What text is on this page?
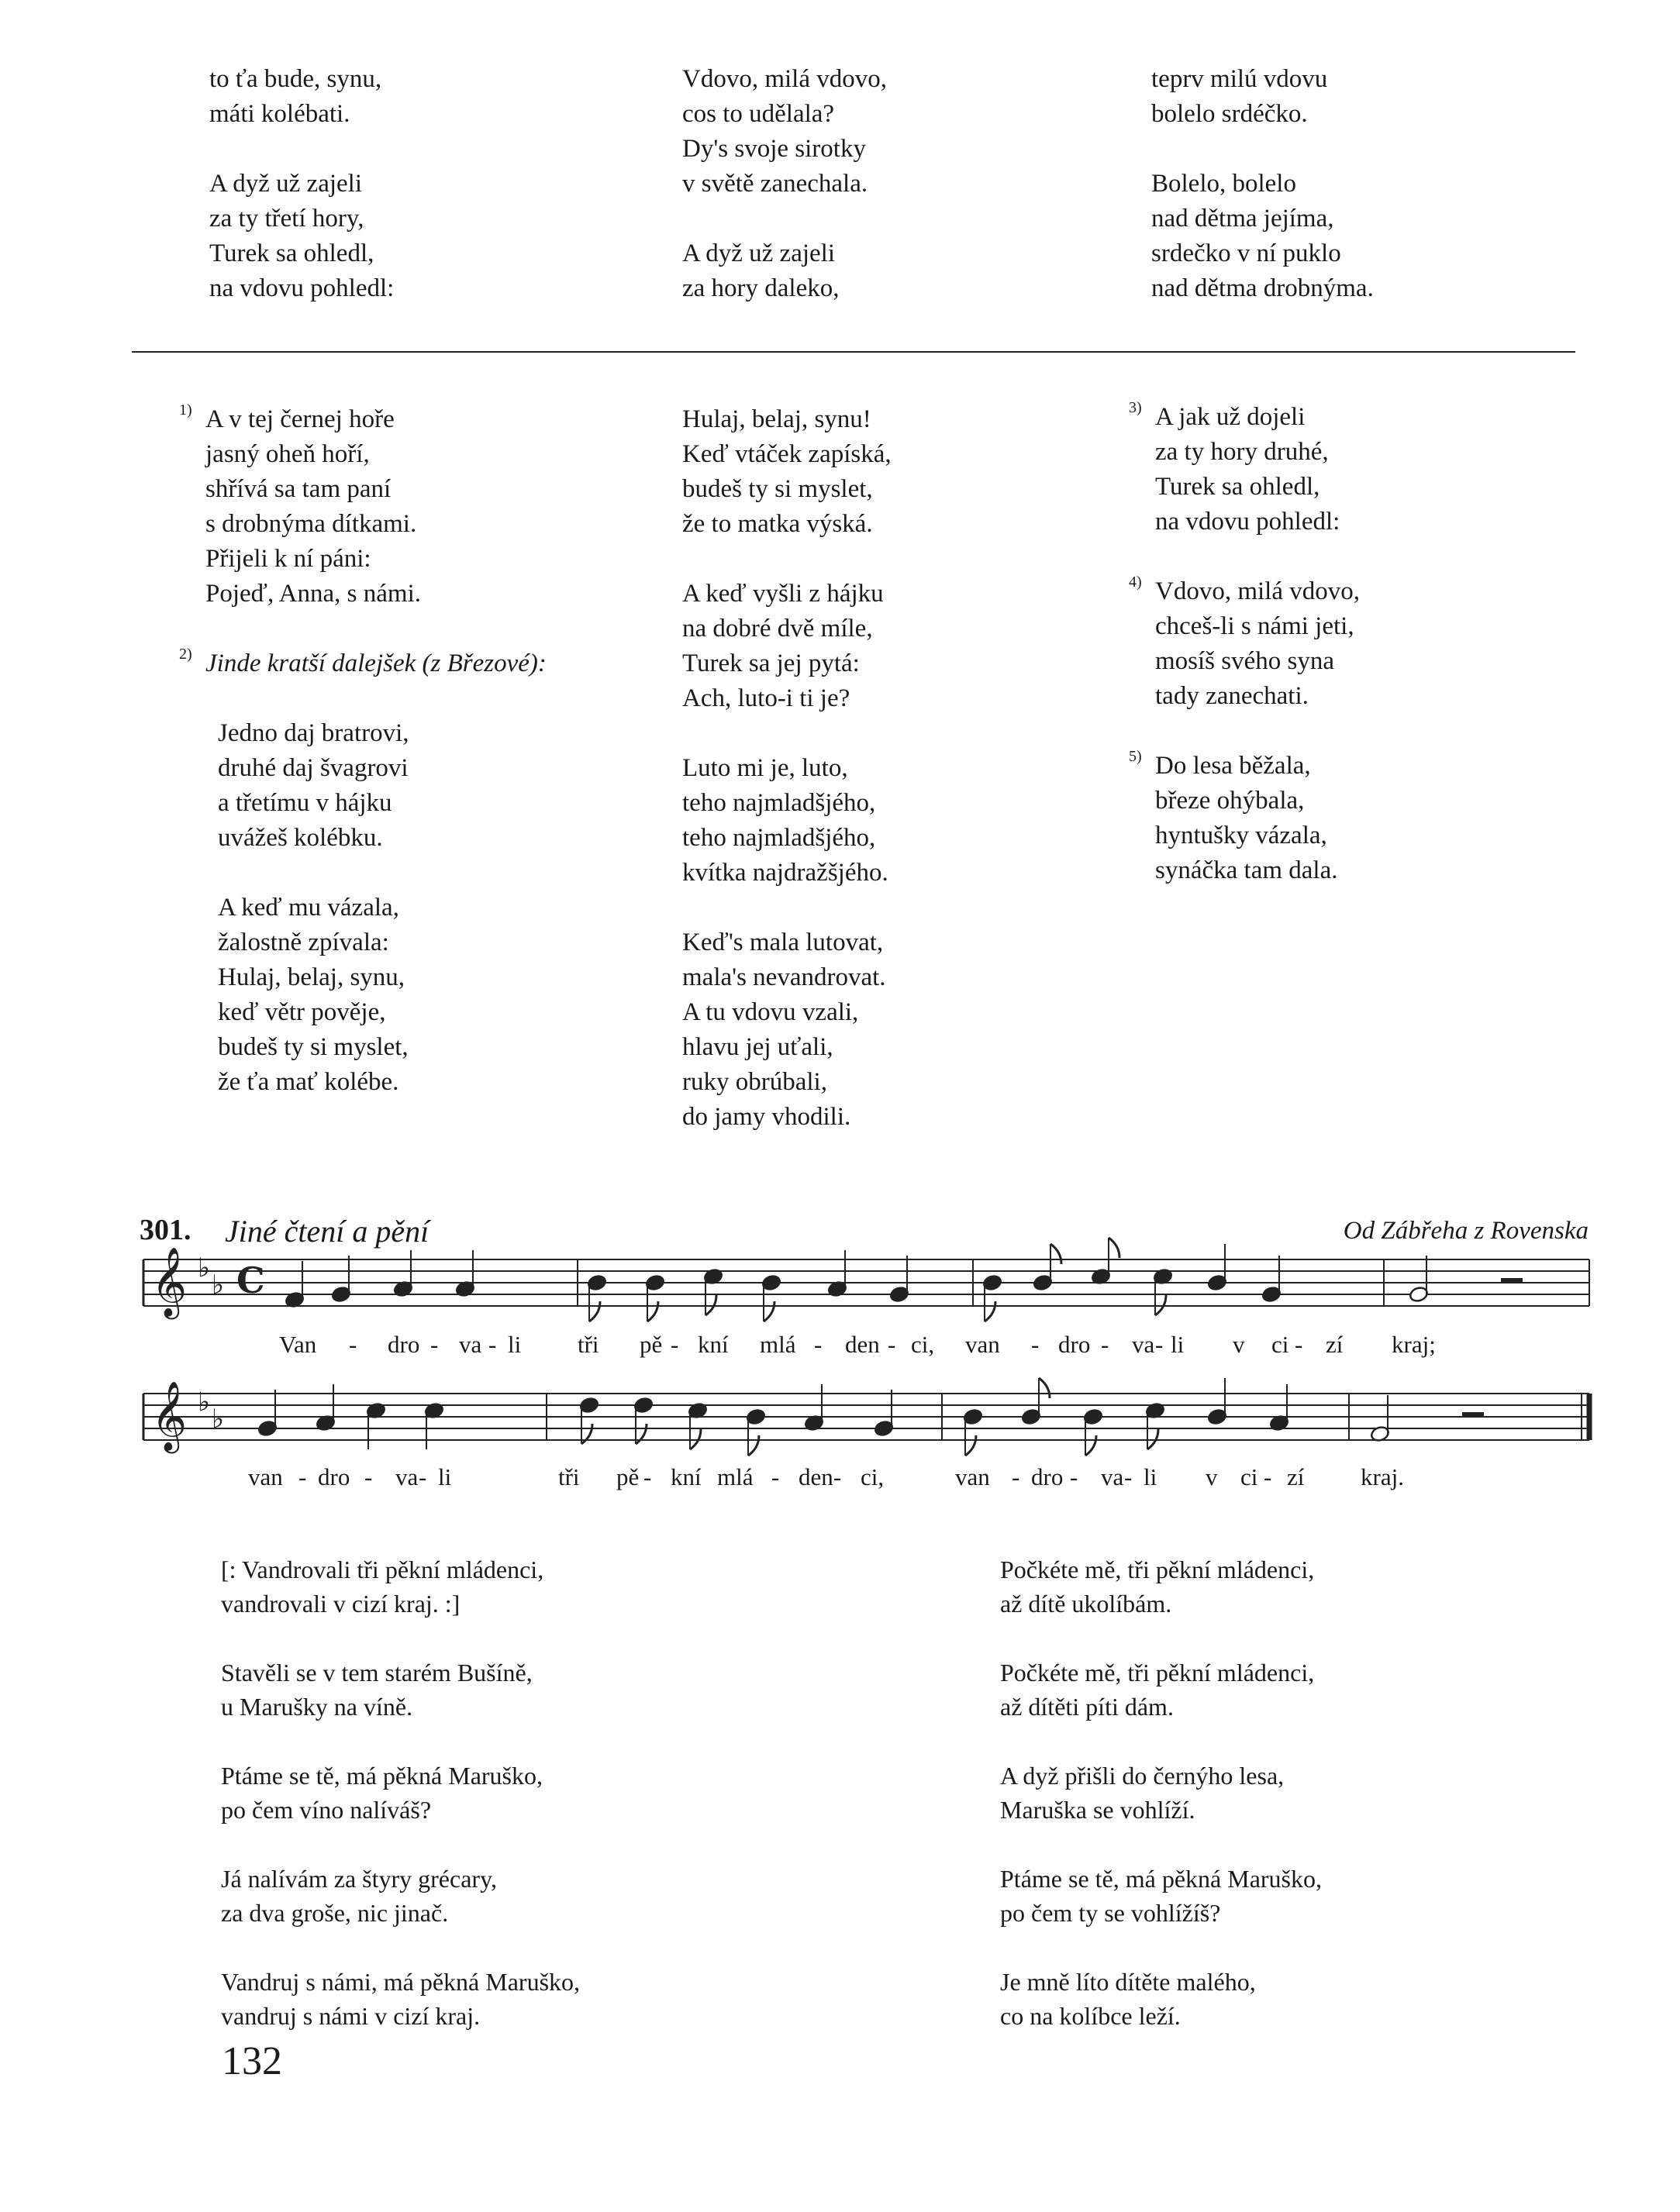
to ťa bude, synu,
máti kolébati.
A dyž už zajeli
za ty třetí hory,
Turek sa ohledl,
na vdovu pohledl:
Vdovo, milá vdovo,
cos to udělala?
Dy's svoje sirotky
v světě zanechala.
A dyž už zajeli
za hory daleko,
teprv milú vdovu
bolelo srdéčko.
Bolelo, bolelo
nad dětma jejíma,
srdečko v ní puklo
nad dětma drobnýma.
1) A v tej černej hoře
jasný oheň hoří,
shřívá sa tam paní
s drobnýma dítkami.
Přijeli k ní páni:
Pojeď, Anna, s námi.
2) Jinde kratší dalejšek (z Březové):
Jedno daj bratrovi,
druhé daj švagrovi
a třetímu v hájku
uvážeš kolébku.
A keď mu vázala,
žalostně zpívala:
Hulaj, belaj, synu,
keď větr pověje,
budeš ty si myslet,
že ťa mať kolébe.
Hulaj, belaj, synu!
Keď vtáček zapíská,
budeš ty si myslet,
že to matka výská.
A keď vyšli z hájku
na dobré dvě míle,
Turek sa jej pytá:
Ach, luto-i ti je?
Luto mi je, luto,
teho najmladšjého,
teho najmladšjého,
kvítka najdražšjého.
Keď's mala lutovat,
mala's nevandrovat.
A tu vdovu vzali,
hlavu jej uťali,
ruky obrúbali,
do jamy vhodili.
3) A jak už dojeli
za ty hory druhé,
Turek sa ohledl,
na vdovu pohledl:
4) Vdovo, milá vdovo,
chceš-li s námi jeti,
mosíš svého syna
tady zanechati.
5) Do lesa běžala,
březe ohýbala,
hyntušky vázala,
synáčka tam dala.
301. Jiné čtení a pění	Od Zábřeha z Rovenska
𝄞 ♭
♭
𝄞 ♭
♭
C
Van - dro - va - li tři pě - kní mlá - den - ci, van - dro - va - li v ci - zí kraj;
van - dro - va - li	tři pě - kní mlá - den - ci,	van - dro - va - li v ci - zí kraj.
[: Vandrovali tři pěkní mládenci,
vandrovali v cizí kraj. :]
Stavěli se v tem starém Bušíně,
u Marušky na víně.
Ptáme se tě, má pěkná Maruško,
po čem víno nalíváš?
Já nalívám za štyry grécary,
za dva groše, nic jinač.
Vandruj s námi, má pěkná Maruško,
vandruj s námi v cizí kraj.
Počkéte mě, tři pěkní mládenci,
až dítě ukolíbám.
Počkéte mě, tři pěkní mládenci,
až dítěti píti dám.
A dyž přišli do černýho lesa,
Maruška se vohlíží.
Ptáme se tě, má pěkná Maruško,
po čem ty se vohlížíš?
Je mně líto dítěte malého,
co na kolíbce leží.
132
